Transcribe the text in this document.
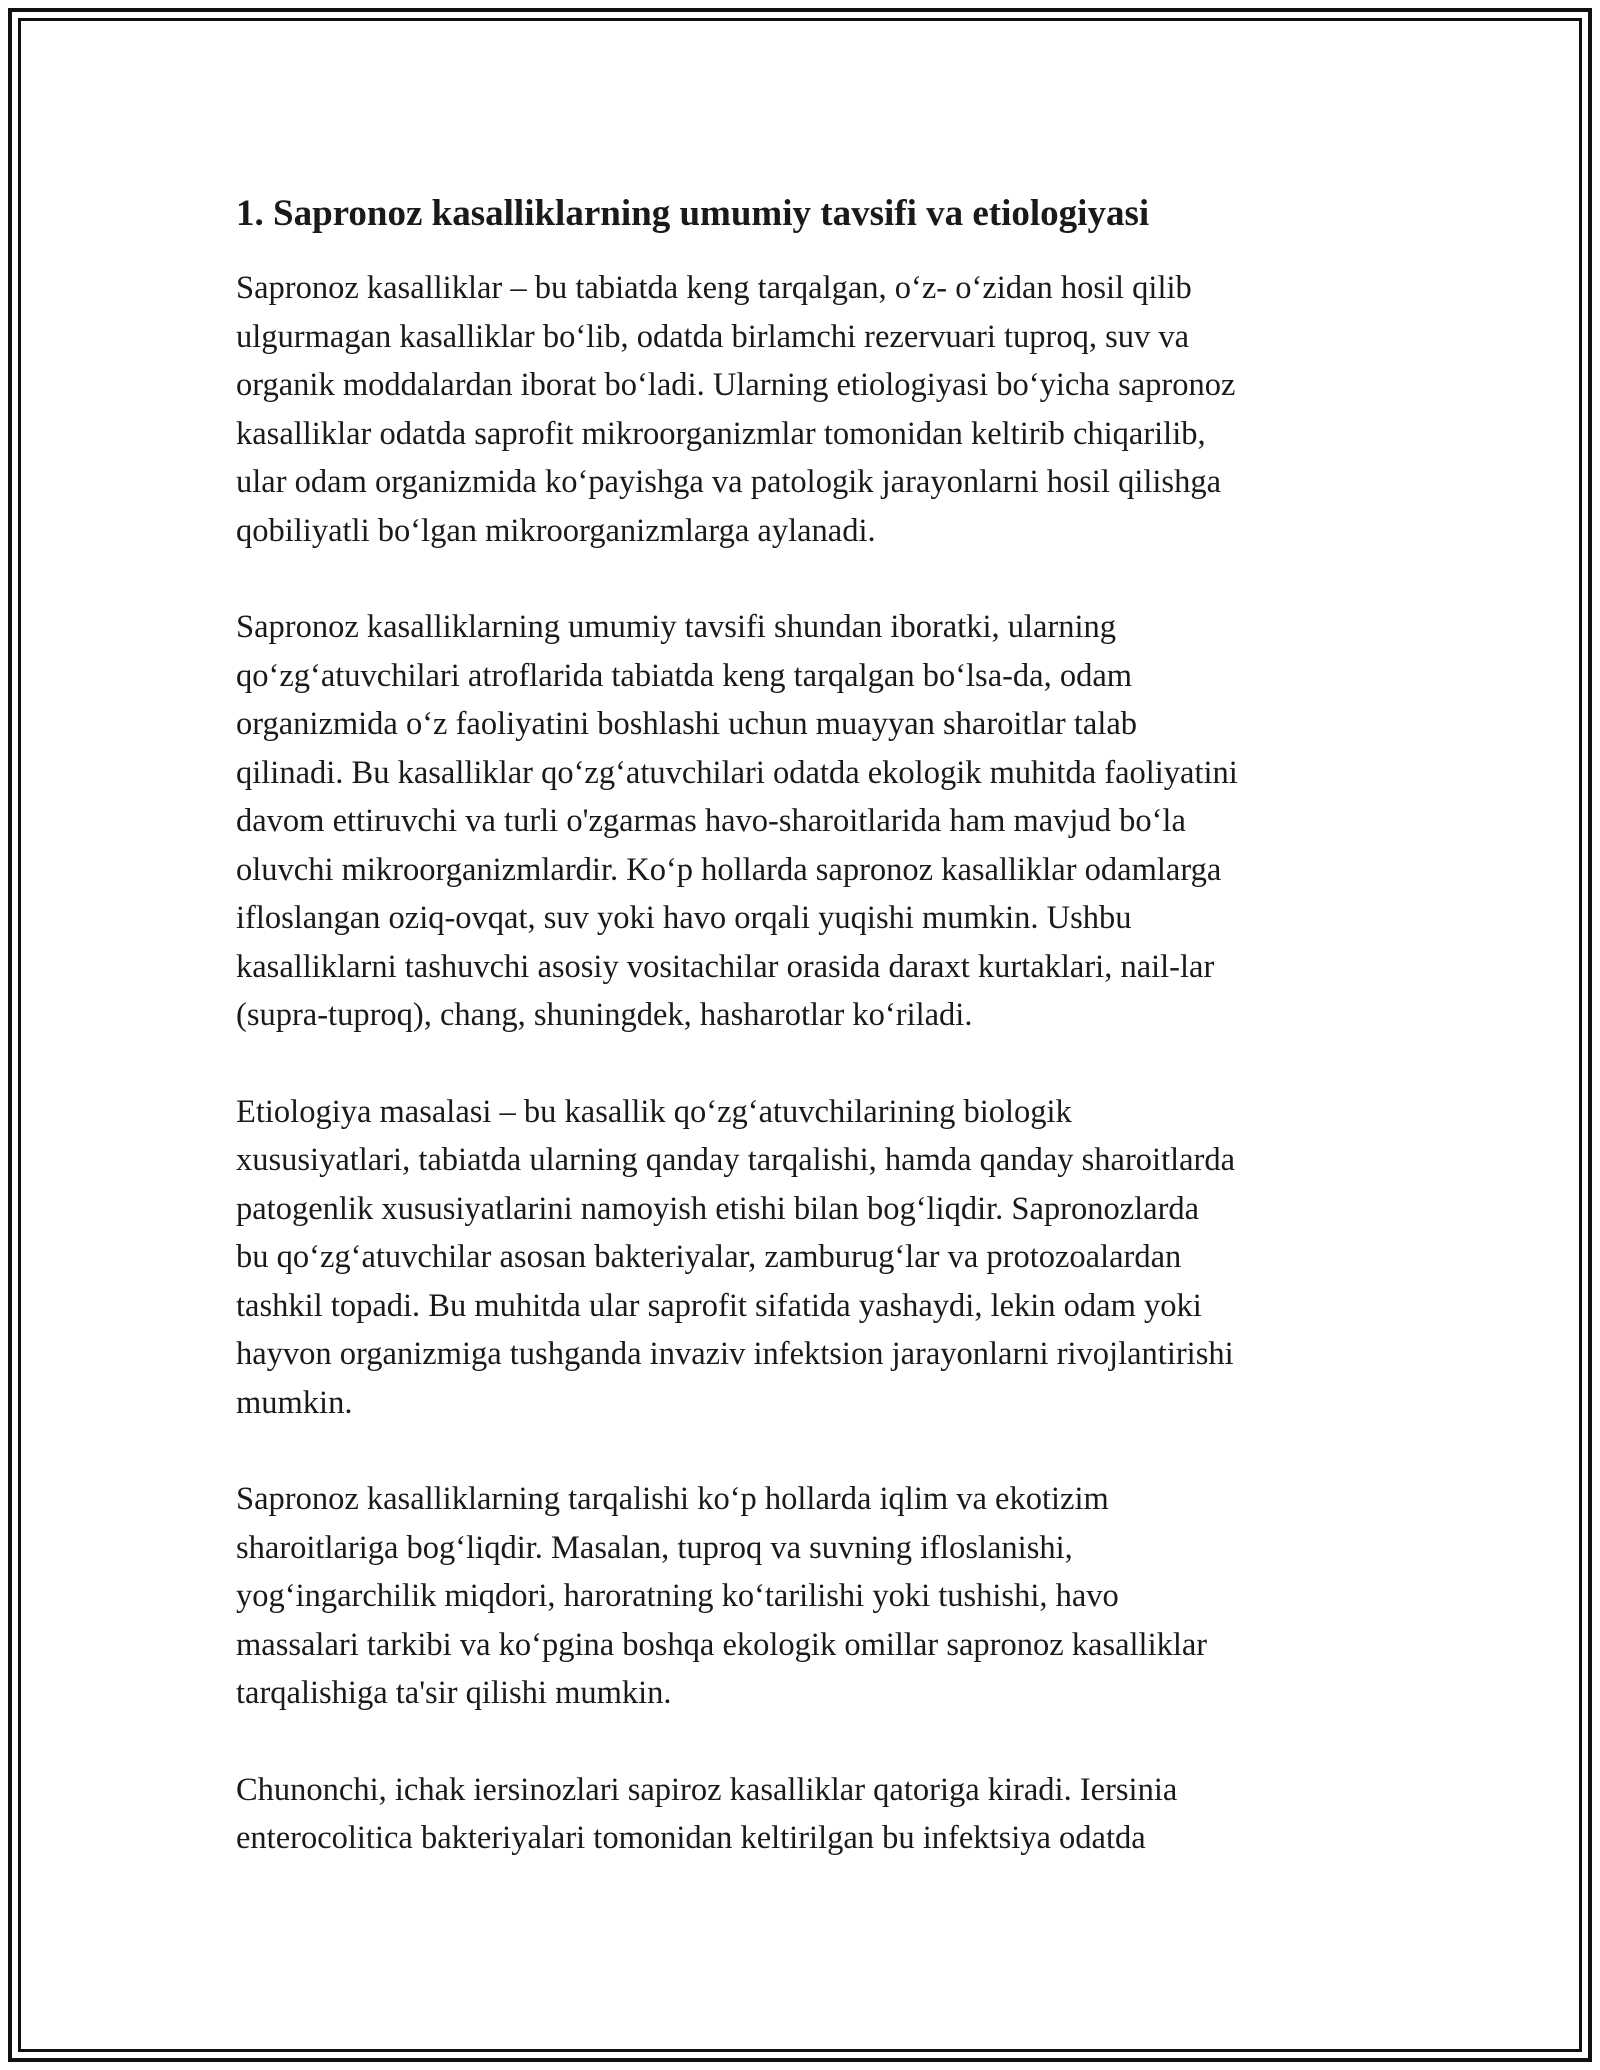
1. Sapronoz kasalliklarning umumiy tavsifi va etiologiyasi

Sapronoz kasalliklar – bu tabiatda keng tarqalgan, o‘z- o‘zidan hosil qilib
ulgurmagan kasalliklar bo‘lib, odatda birlamchi rezervuari tuproq, suv va
organik moddalardan iborat bo‘ladi. Ularning etiologiyasi bo‘yicha sapronoz
kasalliklar odatda saprofit mikroorganizmlar tomonidan keltirib chiqarilib,
ular odam organizmida ko‘payishga va patologik jarayonlarni hosil qilishga
qobiliyatli bo‘lgan mikroorganizmlarga aylanadi.

Sapronoz kasalliklarning umumiy tavsifi shundan iboratki, ularning
qo‘zg‘atuvchilari atroflarida tabiatda keng tarqalgan bo‘lsa-da, odam
organizmida o‘z faoliyatini boshlashi uchun muayyan sharoitlar talab
qilinadi. Bu kasalliklar qo‘zg‘atuvchilari odatda ekologik muhitda faoliyatini
davom ettiruvchi va turli o'zgarmas havo-sharoitlarida ham mavjud bo‘la
oluvchi mikroorganizmlardir. Ko‘p hollarda sapronoz kasalliklar odamlarga
ifloslangan oziq-ovqat, suv yoki havo orqali yuqishi mumkin. Ushbu
kasalliklarni tashuvchi asosiy vositachilar orasida daraxt kurtaklari, nail-lar
(supra-tuproq), chang, shuningdek, hasharotlar ko‘riladi.

Etiologiya masalasi – bu kasallik qo‘zg‘atuvchilarining biologik
xususiyatlari, tabiatda ularning qanday tarqalishi, hamda qanday sharoitlarda
patogenlik xususiyatlarini namoyish etishi bilan bog‘liqdir. Sapronozlarda
bu qo‘zg‘atuvchilar asosan bakteriyalar, zamburug‘lar va protozoalardan
tashkil topadi. Bu muhitda ular saprofit sifatida yashaydi, lekin odam yoki
hayvon organizmiga tushganda invaziv infektsion jarayonlarni rivojlantirishi
mumkin.

Sapronoz kasalliklarning tarqalishi ko‘p hollarda iqlim va ekotizim
sharoitlariga bog‘liqdir. Masalan, tuproq va suvning ifloslanishi,
yog‘ingarchilik miqdori, haroratning ko‘tarilishi yoki tushishi, havo
massalari tarkibi va ko‘pgina boshqa ekologik omillar sapronoz kasalliklar
tarqalishiga ta'sir qilishi mumkin.

Chunonchi, ichak iersinozlari sapiroz kasalliklar qatoriga kiradi. Iersinia
enterocolitica bakteriyalari tomonidan keltirilgan bu infektsiya odatda
